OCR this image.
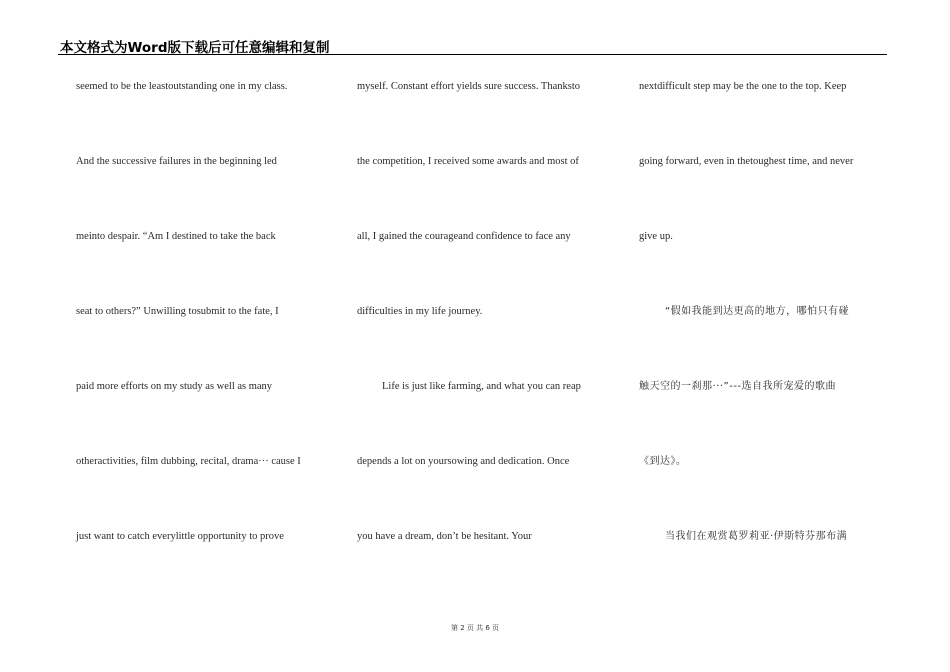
本文格式为Word版下载后可任意编辑和复制
seemed to be the leastoutstanding one in my class.
And the successive failures in the beginning led
meinto despair. “Am I destined to take the back
seat to others?” Unwilling tosubmit to the fate, I
paid more efforts on my study as well as many
otheractivities, film dubbing, recital, drama··· cause I
just want to catch everylittle opportunity to prove
myself. Constant effort yields sure success. Thanksto
the competition, I received some awards and most of
all, I gained the courageand confidence to face any
difficulties in my life journey.
Life is just like farming, and what you can reap
depends a lot on yoursowing and dedication. Once
you have a dream, don’t be hesitant. Your
nextdifficult step may be the one to the top. Keep
going forward, even in thetoughest time, and never
give up.
“假如我能到达更高的地方，哪怕只有碰
触天空的一刹那···”---选自我所宠爱的歌曲
《到达》。
当我们在观赏葛罗莉亚·伊斯特芬那布满
第 2 页 共 6 页
